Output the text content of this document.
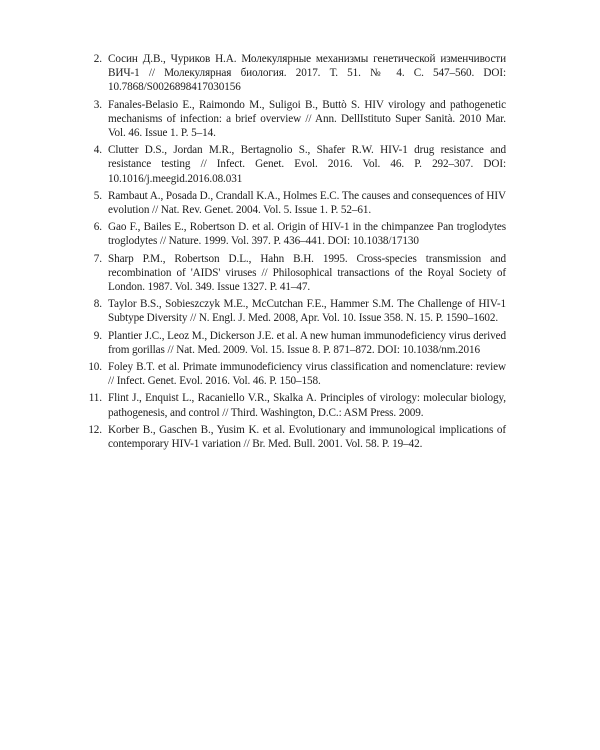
2. Сосин Д.В., Чуриков Н.А. Молекулярные механизмы генетической изменчивости ВИЧ-1 // Молекулярная биология. 2017. Т. 51. № 4. С. 547–560. DOI: 10.7868/S0026898417030156
3. Fanales-Belasio E., Raimondo M., Suligoi B., Buttò S. HIV virology and pathogenetic mechanisms of infection: a brief overview // Ann. DellIstituto Super Sanità. 2010 Mar. Vol. 46. Issue 1. P. 5–14.
4. Clutter D.S., Jordan M.R., Bertagnolio S., Shafer R.W. HIV-1 drug resistance and resistance testing // Infect. Genet. Evol. 2016. Vol. 46. P. 292–307. DOI: 10.1016/j.meegid.2016.08.031
5. Rambaut A., Posada D., Crandall K.A., Holmes E.C. The causes and consequences of HIV evolution // Nat. Rev. Genet. 2004. Vol. 5. Issue 1. P. 52–61.
6. Gao F., Bailes E., Robertson D. et al. Origin of HIV-1 in the chimpanzee Pan troglodytes troglodytes // Nature. 1999. Vol. 397. P. 436–441. DOI: 10.1038/17130
7. Sharp P.M., Robertson D.L., Hahn B.H. 1995. Cross-species transmission and recombination of 'AIDS' viruses // Philosophical transactions of the Royal Society of London. 1987. Vol. 349. Issue 1327. P. 41–47.
8. Taylor B.S., Sobieszczyk M.E., McCutchan F.E., Hammer S.M. The Challenge of HIV-1 Subtype Diversity // N. Engl. J. Med. 2008, Apr. Vol. 10. Issue 358. N. 15. P. 1590–1602.
9. Plantier J.C., Leoz M., Dickerson J.E. et al. A new human immunodeficiency virus derived from gorillas // Nat. Med. 2009. Vol. 15. Issue 8. P. 871–872. DOI: 10.1038/nm.2016
10. Foley B.T. et al. Primate immunodeficiency virus classification and nomenclature: review // Infect. Genet. Evol. 2016. Vol. 46. P. 150–158.
11. Flint J., Enquist L., Racaniello V.R., Skalka A. Principles of virology: molecular biology, pathogenesis, and control // Third. Washington, D.C.: ASM Press. 2009.
12. Korber B., Gaschen B., Yusim K. et al. Evolutionary and immunological implications of contemporary HIV-1 variation // Br. Med. Bull. 2001. Vol. 58. P. 19–42.
